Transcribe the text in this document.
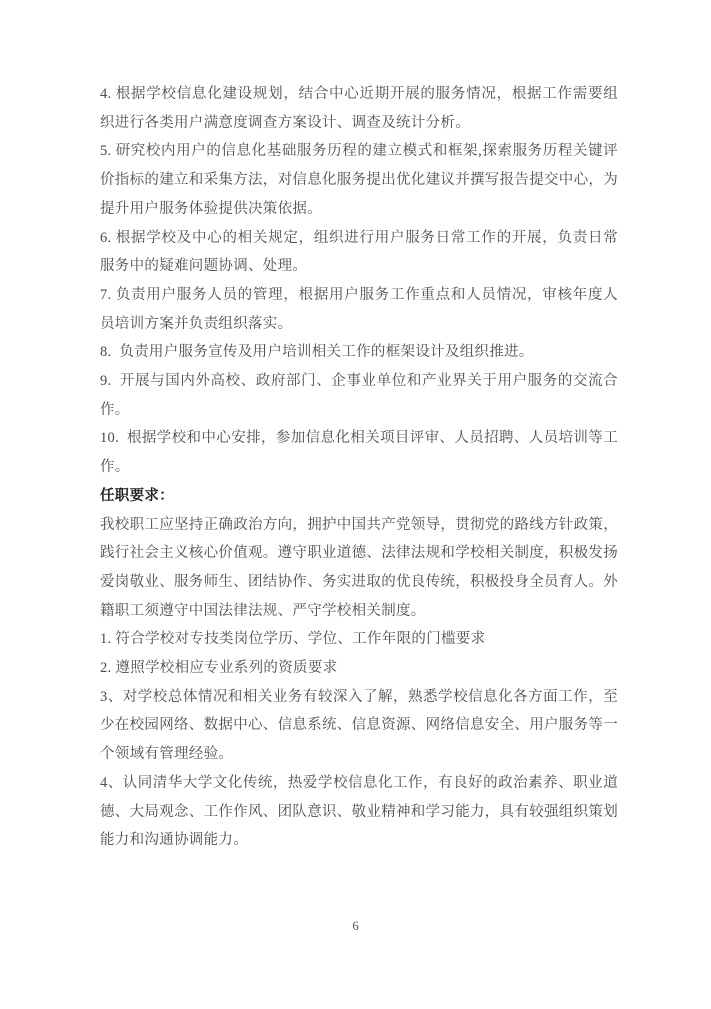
4. 根据学校信息化建设规划，结合中心近期开展的服务情况，根据工作需要组织进行各类用户满意度调查方案设计、调查及统计分析。

5. 研究校内用户的信息化基础服务历程的建立模式和框架,探索服务历程关键评价指标的建立和采集方法，对信息化服务提出优化建议并撰写报告提交中心，为提升用户服务体验提供决策依据。

6. 根据学校及中心的相关规定，组织进行用户服务日常工作的开展，负责日常服务中的疑难问题协调、处理。

7. 负责用户服务人员的管理，根据用户服务工作重点和人员情况，审核年度人员培训方案并负责组织落实。

8.  负责用户服务宣传及用户培训相关工作的框架设计及组织推进。

9.  开展与国内外高校、政府部门、企事业单位和产业界关于用户服务的交流合作。

10.  根据学校和中心安排，参加信息化相关项目评审、人员招聘、人员培训等工作。

任职要求：

我校职工应坚持正确政治方向，拥护中国共产党领导，贯彻党的路线方针政策，践行社会主义核心价值观。遵守职业道德、法律法规和学校相关制度，积极发扬爱岗敬业、服务师生、团结协作、务实进取的优良传统，积极投身全员育人。外籍职工须遵守中国法律法规、严守学校相关制度。

1. 符合学校对专技类岗位学历、学位、工作年限的门槛要求

2. 遵照学校相应专业系列的资质要求

3、对学校总体情况和相关业务有较深入了解，熟悉学校信息化各方面工作，至少在校园网络、数据中心、信息系统、信息资源、网络信息安全、用户服务等一个领域有管理经验。

4、认同清华大学文化传统，热爱学校信息化工作，有良好的政治素养、职业道德、大局观念、工作作风、团队意识、敬业精神和学习能力，具有较强组织策划能力和沟通协调能力。

6
